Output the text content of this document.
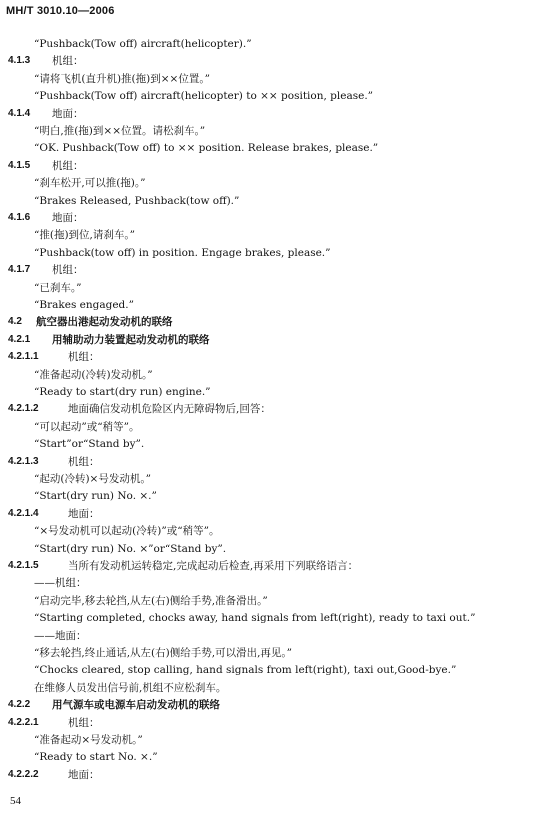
MH/T 3010.10—2006
“Pushback(Tow off) aircraft(helicopter).”
4.1.3 机组：
“请将飞机(直升机)推(拖)到××位置。”
“Pushback(Tow off) aircraft(helicopter) to ×× position, please.”
4.1.4 地面：
“明白,推(拖)到××位置。请松刹车。”
“OK. Pushback(Tow off) to ×× position. Release brakes, please.”
4.1.5 机组：
“刹车松开,可以推(拖)。”
“Brakes Released, Pushback(tow off).”
4.1.6 地面：
“推(拖)到位,请刹车。”
“Pushback(tow off) in position. Engage brakes, please.”
4.1.7 机组：
“已刹车。”
“Brakes engaged.”
4.2 航空器出港起动发动机的联络
4.2.1 用辅助动力装置起动发动机的联络
4.2.1.1	机组：
“准备起动(冷转)发动机。”
“Ready to start(dry run) engine.”
4.2.1.2	地面确信发动机危险区内无障碍物后,回答：
“可以起动”或“稍等”。
“Start”or“Stand by”.
4.2.1.3	机组：
“起动(冷转)×号发动机。”
“Start(dry run) No. ×.”
4.2.1.4	地面：
“×号发动机可以起动(冷转)”或“稍等”。
“Start(dry run) No. ×”or“Stand by”.
4.2.1.5	当所有发动机运转稳定,完成起动后检查,再采用下列联络语言：
——机组：
“启动完毕,移去轮挡,从左(右)侧给手势,准备滑出。”
“Starting completed, chocks away, hand signals from left(right), ready to taxi out.”
——地面：
“移去轮挡,终止通话,从左(右)侧给手势,可以滑出,再见。”
“Chocks cleared, stop calling, hand signals from left(right), taxi out,Good-bye.”
在维修人员发出信号前,机组不应松刹车。
4.2.2 用气源车或电源车启动发动机的联络
4.2.2.1	机组：
“准备起动×号发动机。”
“Ready to start No. ×.”
4.2.2.2	地面：
54
